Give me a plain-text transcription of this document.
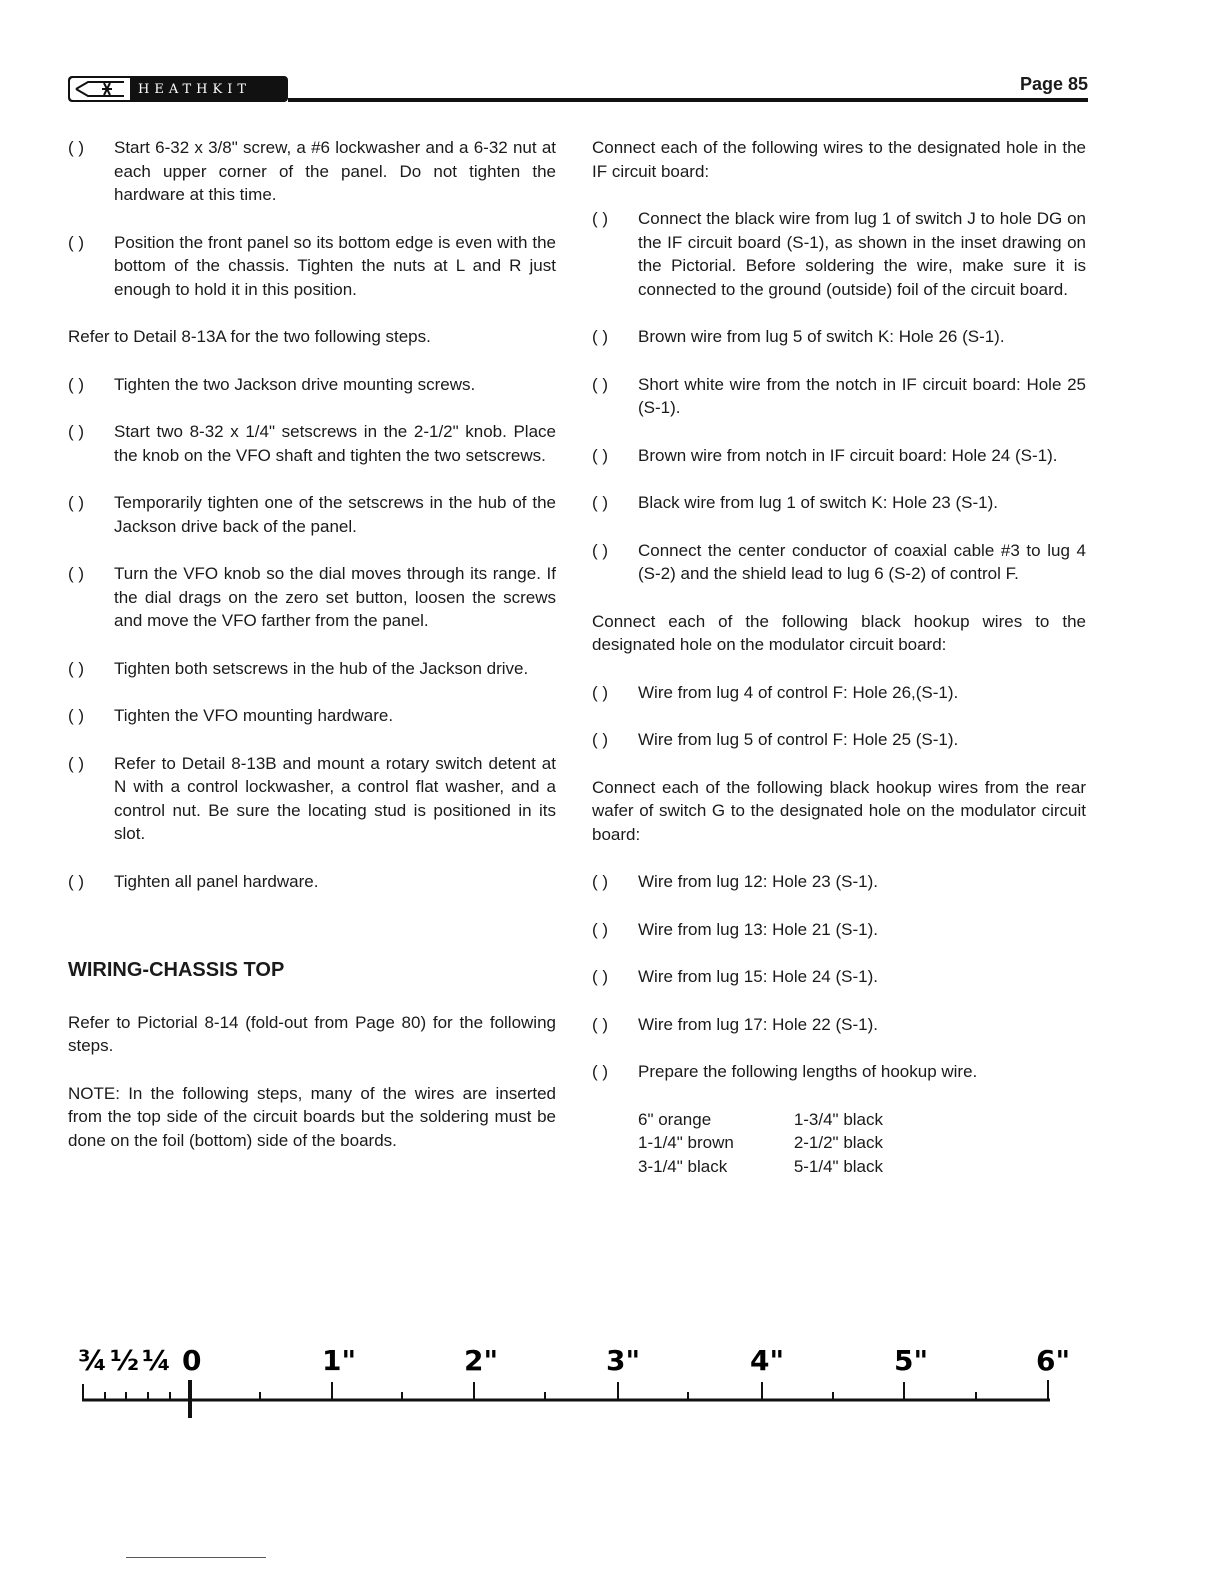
HEATHKIT	Page 85
( )	Start 6-32 x 3/8" screw, a #6 lockwasher and a 6-32 nut at each upper corner of the panel. Do not tighten the hardware at this time.
( )	Position the front panel so its bottom edge is even with the bottom of the chassis. Tighten the nuts at L and R just enough to hold it in this position.
Refer to Detail 8-13A for the two following steps.
( )	Tighten the two Jackson drive mounting screws.
( )	Start two 8-32 x 1/4" setscrews in the 2-1/2" knob. Place the knob on the VFO shaft and tighten the two setscrews.
( )	Temporarily tighten one of the setscrews in the hub of the Jackson drive back of the panel.
( )	Turn the VFO knob so the dial moves through its range. If the dial drags on the zero set button, loosen the screws and move the VFO farther from the panel.
( )	Tighten both setscrews in the hub of the Jackson drive.
( )	Tighten the VFO mounting hardware.
( )	Refer to Detail 8-13B and mount a rotary switch detent at N with a control lockwasher, a control flat washer, and a control nut. Be sure the locating stud is positioned in its slot.
( )	Tighten all panel hardware.
WIRING-CHASSIS TOP
Refer to Pictorial 8-14 (fold-out from Page 80) for the following steps.
NOTE: In the following steps, many of the wires are inserted from the top side of the circuit boards but the soldering must be done on the foil (bottom) side of the boards.
Connect each of the following wires to the designated hole in the IF circuit board:
( )	Connect the black wire from lug 1 of switch J to hole DG on the IF circuit board (S-1), as shown in the inset drawing on the Pictorial. Before soldering the wire, make sure it is connected to the ground (outside) foil of the circuit board.
( )	Brown wire from lug 5 of switch K: Hole 26 (S-1).
( )	Short white wire from the notch in IF circuit board: Hole 25 (S-1).
( )	Brown wire from notch in IF circuit board: Hole 24 (S-1).
( )	Black wire from lug 1 of switch K: Hole 23 (S-1).
( )	Connect the center conductor of coaxial cable #3 to lug 4 (S-2) and the shield lead to lug 6 (S-2) of control F.
Connect each of the following black hookup wires to the designated hole on the modulator circuit board:
( )	Wire from lug 4 of control F: Hole 26,(S-1).
( )	Wire from lug 5 of control F: Hole 25 (S-1).
Connect each of the following black hookup wires from the rear wafer of switch G to the designated hole on the modulator circuit board:
( )	Wire from lug 12: Hole 23 (S-1).
( )	Wire from lug 13: Hole 21 (S-1).
( )	Wire from lug 15: Hole 24 (S-1).
( )	Wire from lug 17: Hole 22 (S-1).
( )	Prepare the following lengths of hookup wire.
6" orange	1-3/4" black
1-1/4" brown	2-1/2" black
3-1/4" black	5-1/4" black
¾ ½ ¼ 0	1"	2"	3"	4"	5"	6"
